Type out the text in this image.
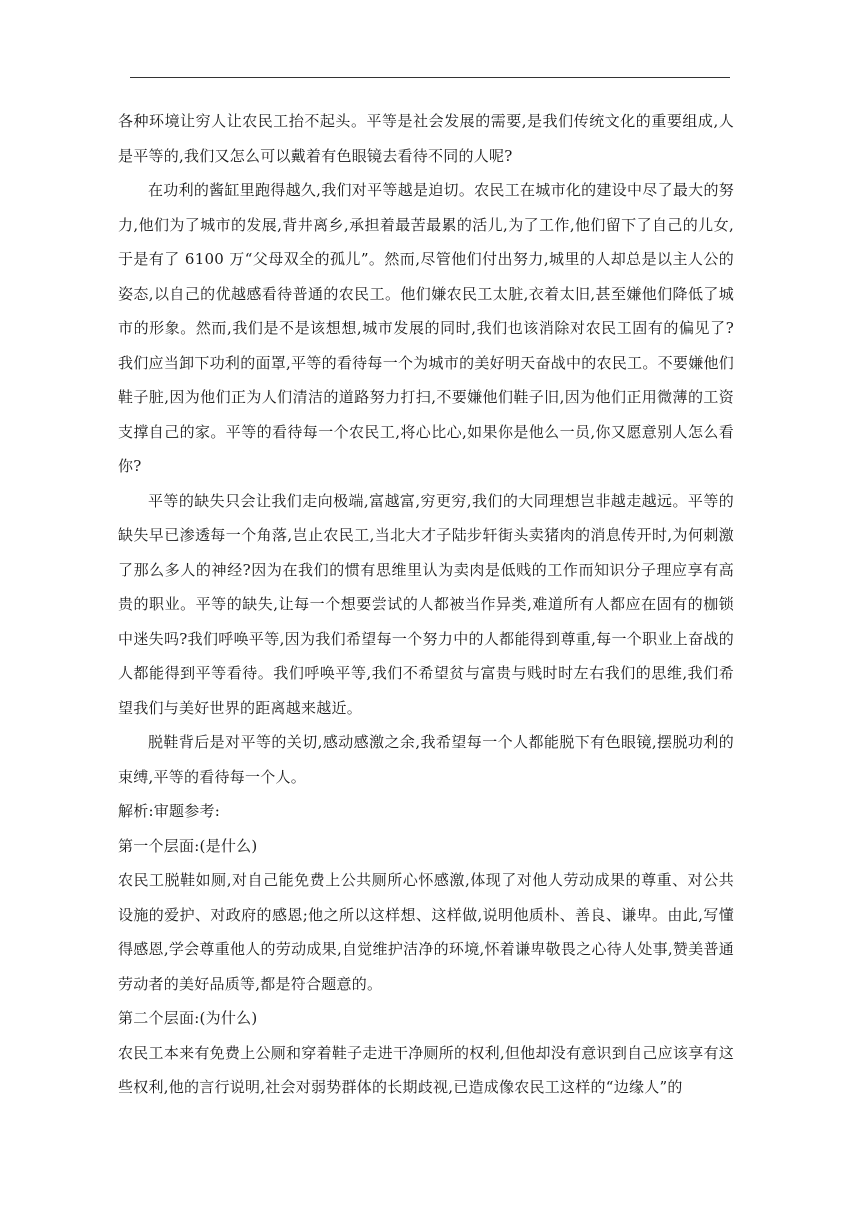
各种环境让穷人让农民工抬不起头。平等是社会发展的需要,是我们传统文化的重要组成,人是平等的,我们又怎么可以戴着有色眼镜去看待不同的人呢?

在功利的酱缸里跑得越久,我们对平等越是迫切。农民工在城市化的建设中尽了最大的努力,他们为了城市的发展,背井离乡,承担着最苦最累的活儿,为了工作,他们留下了自己的儿女,于是有了 6100 万“父母双全的孤儿”。然而,尽管他们付出努力,城里的人却总是以主人公的姿态,以自己的优越感看待普通的农民工。他们嫌农民工太脏,衣着太旧,甚至嫌他们降低了城市的形象。然而,我们是不是该想想,城市发展的同时,我们也该消除对农民工固有的偏见了?我们应当卸下功利的面罩,平等的看待每一个为城市的美好明天奋战中的农民工。不要嫌他们鞋子脏,因为他们正为人们清洁的道路努力打扫,不要嫌他们鞋子旧,因为他们正用微薄的工资支撑自己的家。平等的看待每一个农民工,将心比心,如果你是他么一员,你又愿意别人怎么看你?

平等的缺失只会让我们走向极端,富越富,穷更穷,我们的大同理想岂非越走越远。平等的缺失早已渗透每一个角落,岂止农民工,当北大才子陆步轩街头卖猪肉的消息传开时,为何刺激了那么多人的神经?因为在我们的惯有思维里认为卖肉是低贱的工作而知识分子理应享有高贵的职业。平等的缺失,让每一个想要尝试的人都被当作异类,难道所有人都应在固有的枷锁中迷失吗?我们呼唤平等,因为我们希望每一个努力中的人都能得到尊重,每一个职业上奋战的人都能得到平等看待。我们呼唤平等,我们不希望贫与富贵与贱时时左右我们的思维,我们希望我们与美好世界的距离越来越近。

脱鞋背后是对平等的关切,感动感激之余,我希望每一个人都能脱下有色眼镜,摆脱功利的束缚,平等的看待每一个人。

解析:审题参考:

第一个层面:(是什么)

农民工脱鞋如厕,对自己能免费上公共厕所心怀感激,体现了对他人劳动成果的尊重、对公共设施的爱护、对政府的感恩;他之所以这样想、这样做,说明他质朴、善良、谦卑。由此,写懂得感恩,学会尊重他人的劳动成果,自觉维护洁净的环境,怀着谦卑敬畏之心待人处事,赞美普通劳动者的美好品质等,都是符合题意的。

第二个层面:(为什么)

农民工本来有免费上公厕和穿着鞋子走进干净厕所的权利,但他却没有意识到自己应该享有这些权利,他的言行说明,社会对弱势群体的长期歧视,已造成像农民工这样的“边缘人”的
